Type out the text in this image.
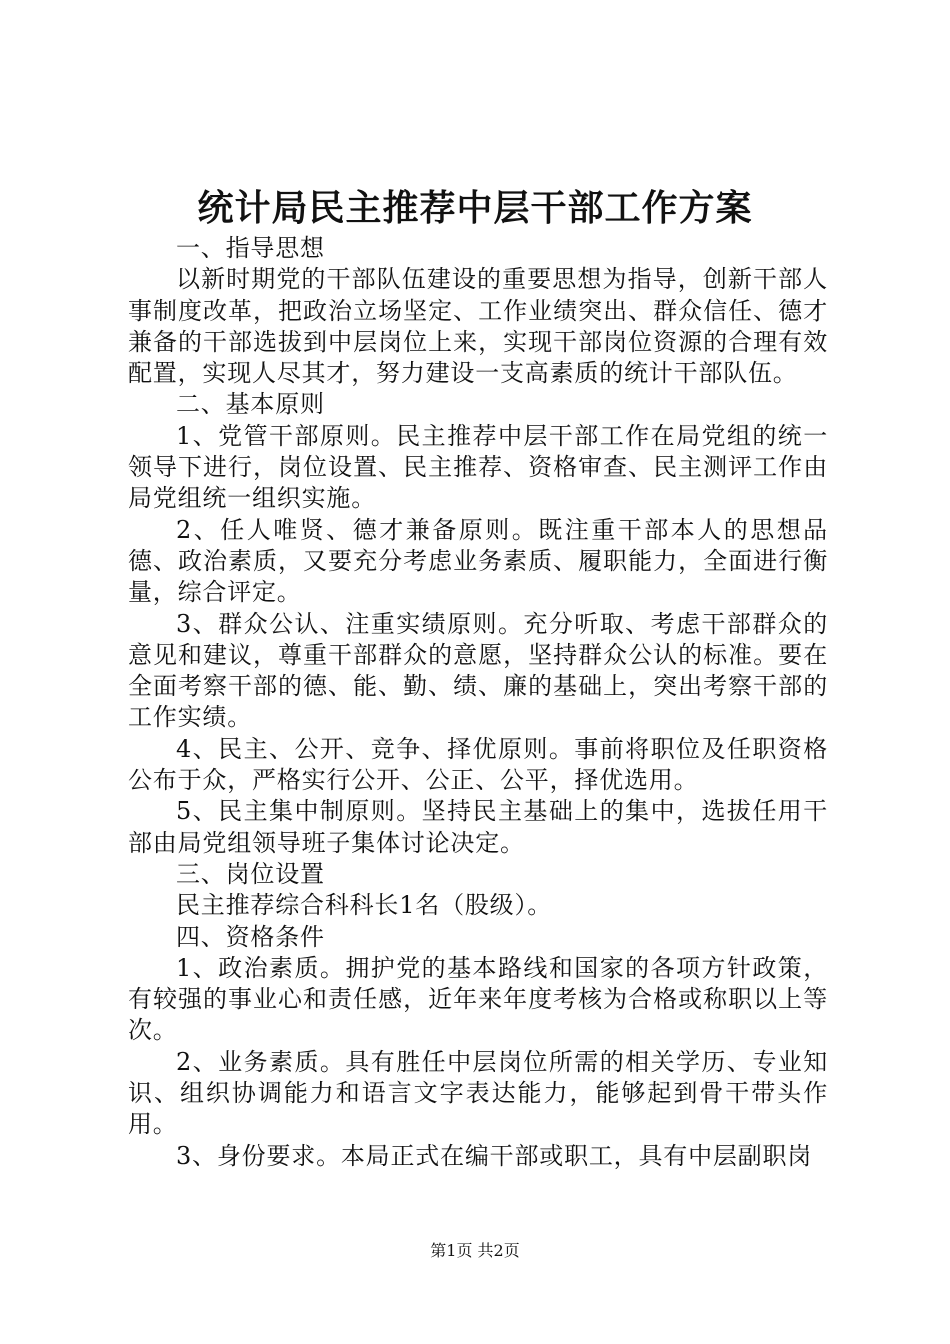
统计局民主推荐中层干部工作方案

一、指导思想

以新时期党的干部队伍建设的重要思想为指导，创新干部人事制度改革，把政治立场坚定、工作业绩突出、群众信任、德才兼备的干部选拔到中层岗位上来，实现干部岗位资源的合理有效配置，实现人尽其才，努力建设一支高素质的统计干部队伍。

二、基本原则

1、党管干部原则。民主推荐中层干部工作在局党组的统一领导下进行，岗位设置、民主推荐、资格审查、民主测评工作由局党组统一组织实施。

2、任人唯贤、德才兼备原则。既注重干部本人的思想品德、政治素质，又要充分考虑业务素质、履职能力，全面进行衡量，综合评定。

3、群众公认、注重实绩原则。充分听取、考虑干部群众的意见和建议，尊重干部群众的意愿，坚持群众公认的标准。要在全面考察干部的德、能、勤、绩、廉的基础上，突出考察干部的工作实绩。

4、民主、公开、竞争、择优原则。事前将职位及任职资格公布于众，严格实行公开、公正、公平，择优选用。

5、民主集中制原则。坚持民主基础上的集中，选拔任用干部由局党组领导班子集体讨论决定。

三、岗位设置

民主推荐综合科科长1名（股级）。

四、资格条件

1、政治素质。拥护党的基本路线和国家的各项方针政策，有较强的事业心和责任感，近年来年度考核为合格或称职以上等次。

2、业务素质。具有胜任中层岗位所需的相关学历、专业知识、组织协调能力和语言文字表达能力，能够起到骨干带头作用。

3、身份要求。本局正式在编干部或职工，具有中层副职岗

第1页 共2页
